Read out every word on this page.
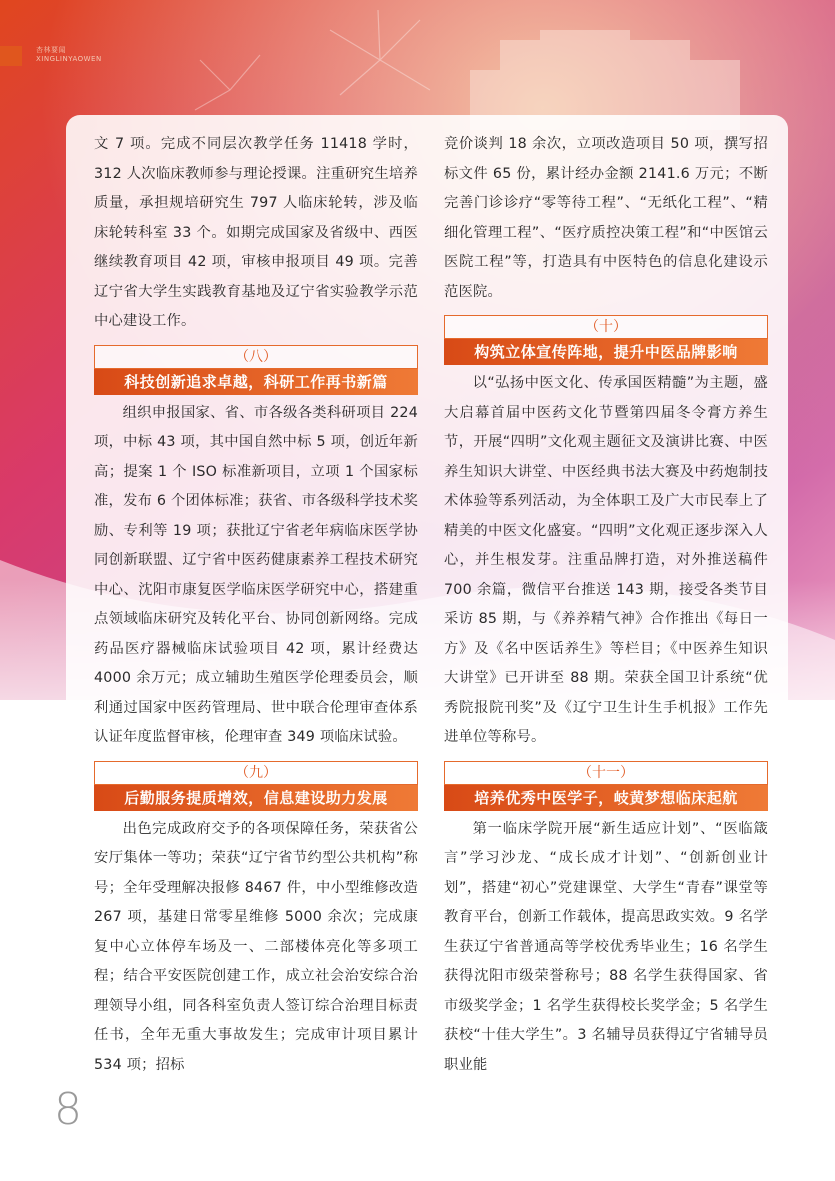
杏林要闻
XINGLINYAOWEN

文 7 项。完成不同层次教学任务 11418 学时，312 人次临床教师参与理论授课。注重研究生培养质量，承担规培研究生 797 人临床轮转，涉及临床轮转科室 33 个。如期完成国家及省级中、西医继续教育项目 42 项，审核申报项目 49 项。完善辽宁省大学生实践教育基地及辽宁省实验教学示范中心建设工作。

（八）
科技创新追求卓越，科研工作再书新篇

组织申报国家、省、市各级各类科研项目 224 项，中标 43 项，其中国自然中标 5 项，创近年新高；提案 1 个 ISO 标准新项目，立项 1 个国家标准，发布 6 个团体标准；获省、市各级科学技术奖励、专利等 19 项；获批辽宁省老年病临床医学协同创新联盟、辽宁省中医药健康素养工程技术研究中心、沈阳市康复医学临床医学研究中心，搭建重点领域临床研究及转化平台、协同创新网络。完成药品医疗器械临床试验项目 42 项，累计经费达 4000 余万元；成立辅助生殖医学伦理委员会，顺利通过国家中医药管理局、世中联合伦理审查体系认证年度监督审核，伦理审查 349 项临床试验。

（九）
后勤服务提质增效，信息建设助力发展

出色完成政府交予的各项保障任务，荣获省公安厅集体一等功；荣获“辽宁省节约型公共机构”称号；全年受理解决报修 8467 件，中小型维修改造 267 项，基建日常零星维修 5000 余次；完成康复中心立体停车场及一、二部楼体亮化等多项工程；结合平安医院创建工作，成立社会治安综合治理领导小组，同各科室负责人签订综合治理目标责任书，全年无重大事故发生；完成审计项目累计 534 项；招标

竞价谈判 18 余次，立项改造项目 50 项，撰写招标文件 65 份，累计经办金额 2141.6 万元；不断完善门诊诊疗“零等待工程”、“无纸化工程”、“精细化管理工程”、“医疗质控决策工程”和“中医馆云医院工程”等，打造具有中医特色的信息化建设示范医院。

（十）
构筑立体宣传阵地，提升中医品牌影响

以“弘扬中医文化、传承国医精髓”为主题，盛大启幕首届中医药文化节暨第四届冬令膏方养生节，开展“四明”文化观主题征文及演讲比赛、中医养生知识大讲堂、中医经典书法大赛及中药炮制技术体验等系列活动，为全体职工及广大市民奉上了精美的中医文化盛宴。“四明”文化观正逐步深入人心，并生根发芽。注重品牌打造，对外推送稿件 700 余篇，微信平台推送 143 期，接受各类节目采访 85 期，与《养养精气神》合作推出《每日一方》及《名中医话养生》等栏目；《中医养生知识大讲堂》已开讲至 88 期。荣获全国卫计系统“优秀院报院刊奖”及《辽宁卫生计生手机报》工作先进单位等称号。

（十一）
培养优秀中医学子，岐黄梦想临床起航

第一临床学院开展“新生适应计划”、“医临箴言”学习沙龙、“成长成才计划”、“创新创业计划”，搭建“初心”党建课堂、大学生“青春”课堂等教育平台，创新工作载体，提高思政实效。9 名学生获辽宁省普通高等学校优秀毕业生；16 名学生获得沈阳市级荣誉称号；88 名学生获得国家、省市级奖学金；1 名学生获得校长奖学金；5 名学生获校“十佳大学生”。3 名辅导员获得辽宁省辅导员职业能

8
